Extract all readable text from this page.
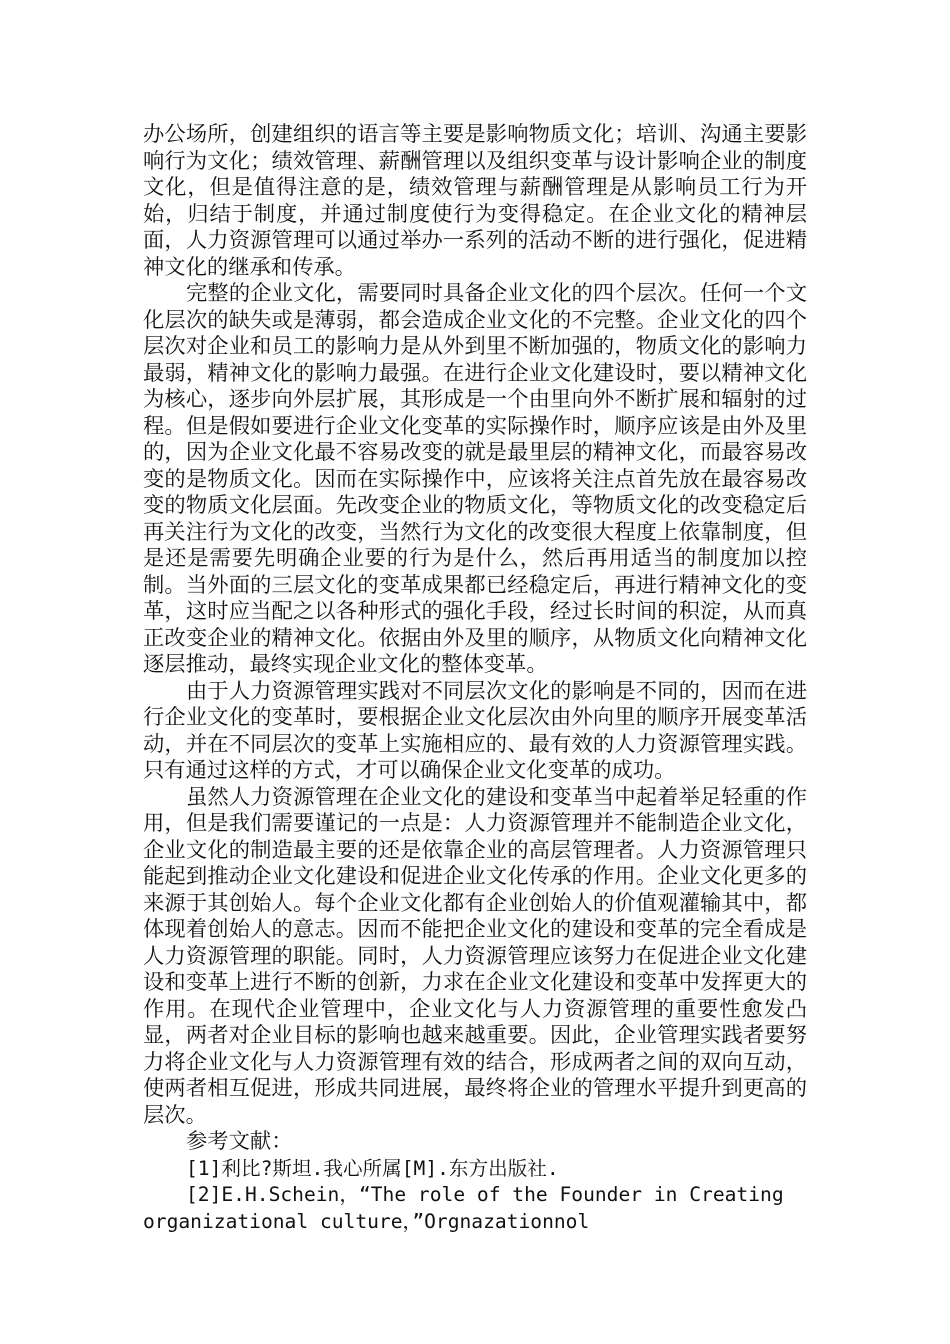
办公场所，创建组织的语言等主要是影响物质文化；培训、沟通主要影响行为文化；绩效管理、薪酬管理以及组织变革与设计影响企业的制度文化，但是值得注意的是，绩效管理与薪酬管理是从影响员工行为开始，归结于制度，并通过制度使行为变得稳定。在企业文化的精神层面，人力资源管理可以通过举办一系列的活动不断的进行强化，促进精神文化的继承和传承。

完整的企业文化，需要同时具备企业文化的四个层次。任何一个文化层次的缺失或是薄弱，都会造成企业文化的不完整。企业文化的四个层次对企业和员工的影响力是从外到里不断加强的，物质文化的影响力最弱，精神文化的影响力最强。在进行企业文化建设时，要以精神文化为核心，逐步向外层扩展，其形成是一个由里向外不断扩展和辐射的过程。但是假如要进行企业文化变革的实际操作时，顺序应该是由外及里的，因为企业文化最不容易改变的就是最里层的精神文化，而最容易改变的是物质文化。因而在实际操作中，应该将关注点首先放在最容易改变的物质文化层面。先改变企业的物质文化，等物质文化的改变稳定后再关注行为文化的改变，当然行为文化的改变很大程度上依靠制度，但是还是需要先明确企业要的行为是什么，然后再用适当的制度加以控制。当外面的三层文化的变革成果都已经稳定后，再进行精神文化的变革，这时应当配之以各种形式的强化手段，经过长时间的积淀，从而真正改变企业的精神文化。依据由外及里的顺序，从物质文化向精神文化逐层推动，最终实现企业文化的整体变革。

由于人力资源管理实践对不同层次文化的影响是不同的，因而在进行企业文化的变革时，要根据企业文化层次由外向里的顺序开展变革活动，并在不同层次的变革上实施相应的、最有效的人力资源管理实践。只有通过这样的方式，才可以确保企业文化变革的成功。

虽然人力资源管理在企业文化的建设和变革当中起着举足轻重的作用，但是我们需要谨记的一点是：人力资源管理并不能制造企业文化，企业文化的制造最主要的还是依靠企业的高层管理者。人力资源管理只能起到推动企业文化建设和促进企业文化传承的作用。企业文化更多的来源于其创始人。每个企业文化都有企业创始人的价值观灌输其中，都体现着创始人的意志。因而不能把企业文化的建设和变革的完全看成是人力资源管理的职能。同时，人力资源管理应该努力在促进企业文化建设和变革上进行不断的创新，力求在企业文化建设和变革中发挥更大的作用。在现代企业管理中，企业文化与人力资源管理的重要性愈发凸显，两者对企业目标的影响也越来越重要。因此，企业管理实践者要努力将企业文化与人力资源管理有效的结合，形成两者之间的双向互动，使两者相互促进，形成共同进展，最终将企业的管理水平提升到更高的层次。

参考文献：

[1]利比?斯坦.我心所属[M].东方出版社.

[2]E.H.Schein，“The role of the Founder in Creating

organizational culture，”Orgnazationnol
